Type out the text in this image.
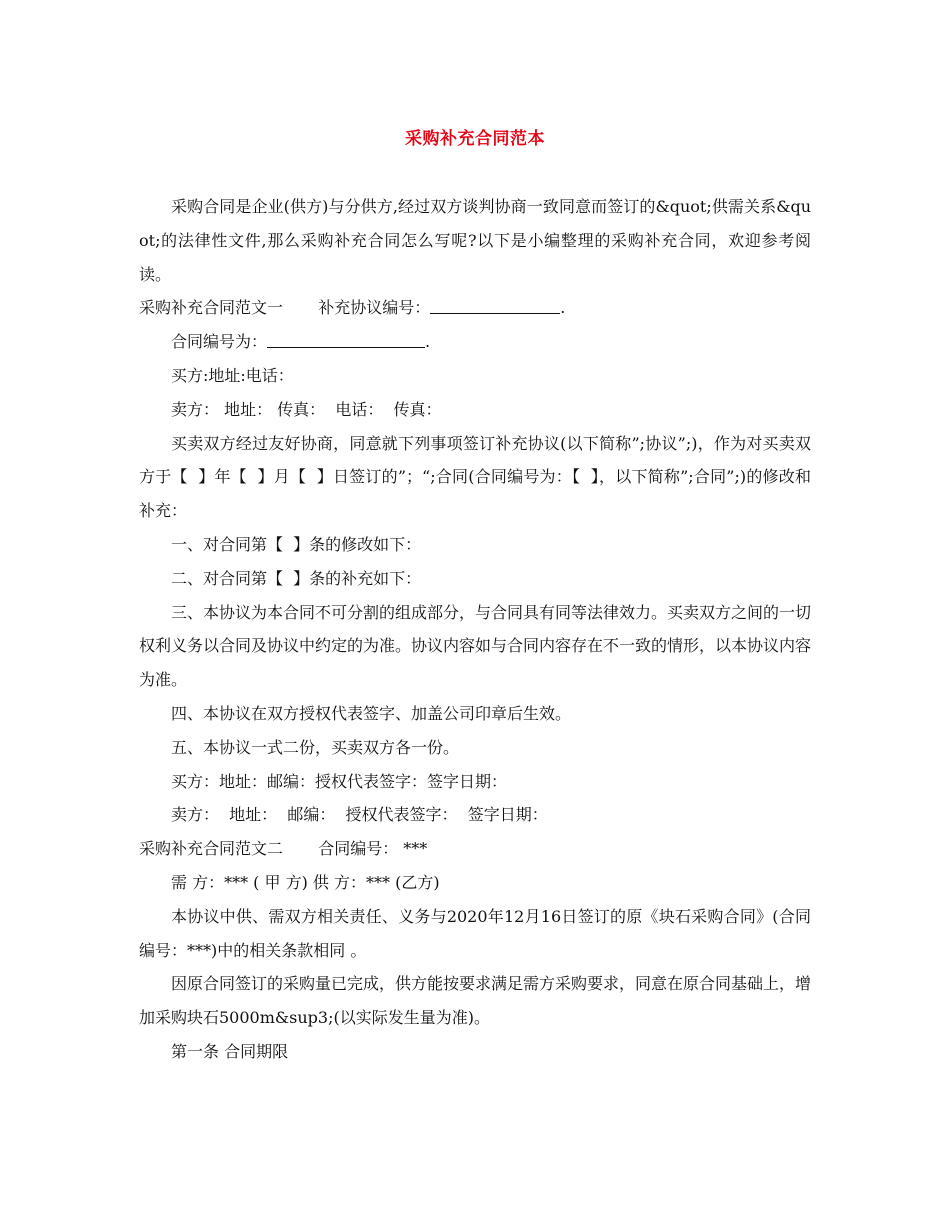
采购补充合同范本

采购合同是企业(供方)与分供方,经过双方谈判协商一致同意而签订的&quot;供需关系&quot;的法律性文件,那么采购补充合同怎么写呢?以下是小编整理的采购补充合同，欢迎参考阅读。

采购补充合同范文一 补充协议编号：	.

合同编号为：	.

买方:地址:电话：

卖方： 地址： 传真：  电话：  传真：

买卖双方经过友好协商，同意就下列事项签订补充协议(以下简称”;协议”;)，作为对买卖双方于【  】年【  】月【  】日签订的”；“;合同(合同编号为：【  】，以下简称”;合同”;)的修改和补充：

一、对合同第【  】条的修改如下：

二、对合同第【  】条的补充如下：

三、本协议为本合同不可分割的组成部分，与合同具有同等法律效力。买卖双方之间的一切权利义务以合同及协议中约定的为准。协议内容如与合同内容存在不一致的情形，以本协议内容为准。

四、本协议在双方授权代表签字、加盖公司印章后生效。

五、本协议一式二份，买卖双方各一份。

买方：地址：邮编：授权代表签字：签字日期：

卖方：  地址：  邮编：  授权代表签字：  签字日期：

采购补充合同范文二 合同编号： ***

需 方：*** ( 甲 方) 供 方：*** (乙方)

本协议中供、需双方相关责任、义务与2020年12月16日签订的原《块石采购合同》(合同编号：***)中的相关条款相同 。

因原合同签订的采购量已完成，供方能按要求满足需方采购要求，同意在原合同基础上，增加采购块石5000m&sup3;(以实际发生量为准)。

第一条 合同期限
